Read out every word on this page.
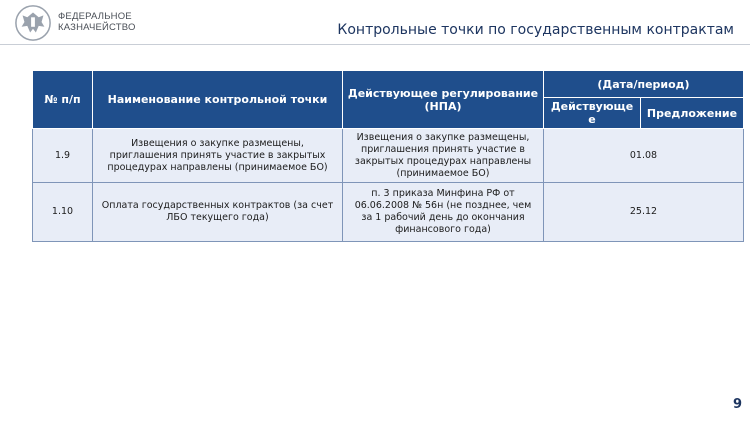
ФЕДЕРАЛЬНОЕ
КАЗНАЧЕЙСТВО	Контрольные точки по государственным контрактам
№ п/п	Наименование контрольной точки	Действующее регулирование (НПА)	(Дата/период)	
			Действующее	Предложение
1.9	Извещения о закупке размещены, приглашения принять участие в закрытых процедурах направлены (принимаемое БО)	Извещения о закупке размещены, приглашения принять участие в закрытых процедурах направлены (принимаемое БО)	01.08	
1.10	Оплата государственных контрактов (за счет ЛБО текущего года)	п. 3 приказа Минфина РФ от 06.06.2008 № 56н (не позднее, чем за 1 рабочий день до окончания финансового года)	25.12	
9
